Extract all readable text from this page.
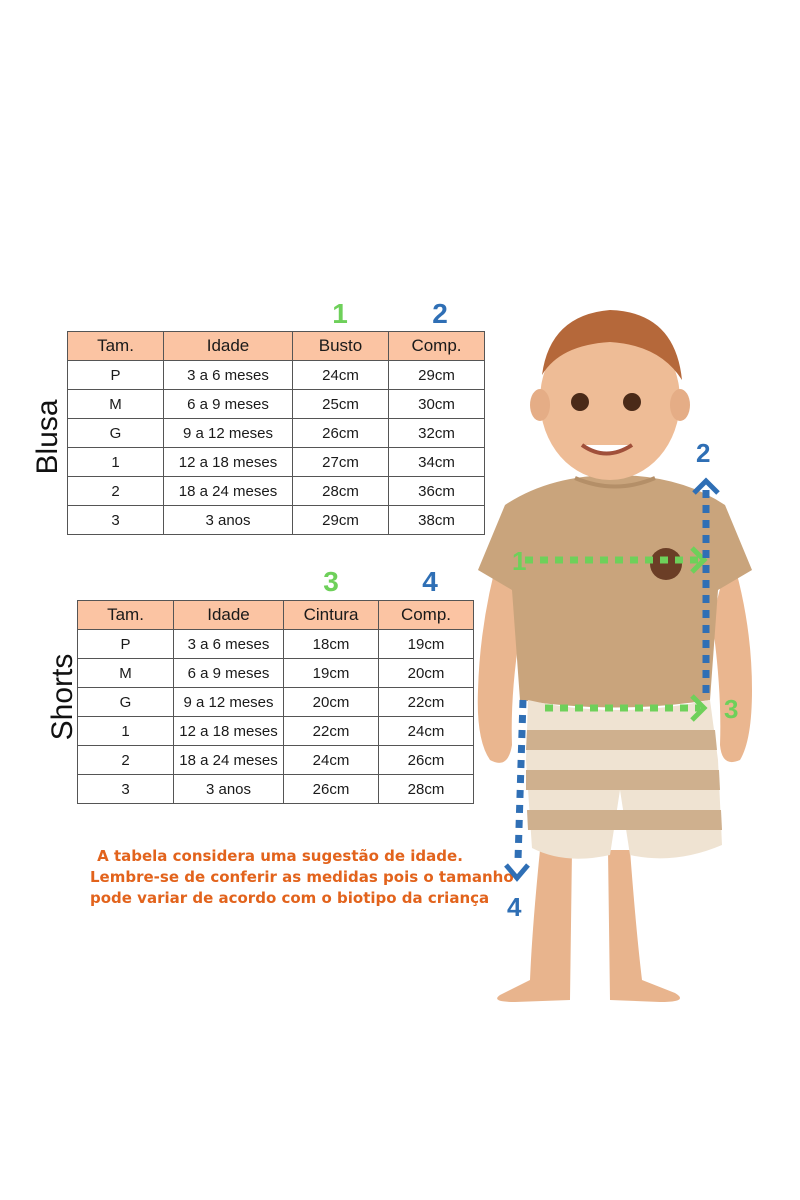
Blusa
1	2
Tam.	Idade	Busto	Comp.
P	3 a 6 meses	24cm	29cm
M	6 a 9 meses	25cm	30cm
G	9 a 12 meses	26cm	32cm
1	12 a 18 meses	27cm	34cm
2	18 a 24 meses	28cm	36cm
3	3 anos	29cm	38cm
Shorts
3	4
Tam.	Idade	Cintura	Comp.
P	3 a 6 meses	18cm	19cm
M	6 a 9 meses	19cm	20cm
G	9 a 12 meses	20cm	22cm
1	12 a 18 meses	22cm	24cm
2	18 a 24 meses	24cm	26cm
3	3 anos	26cm	28cm
A tabela considera uma sugestão de idade.
Lembre-se de conferir as medidas pois o tamanho
pode variar de acordo com o biotipo da criança
1
2
3
4
